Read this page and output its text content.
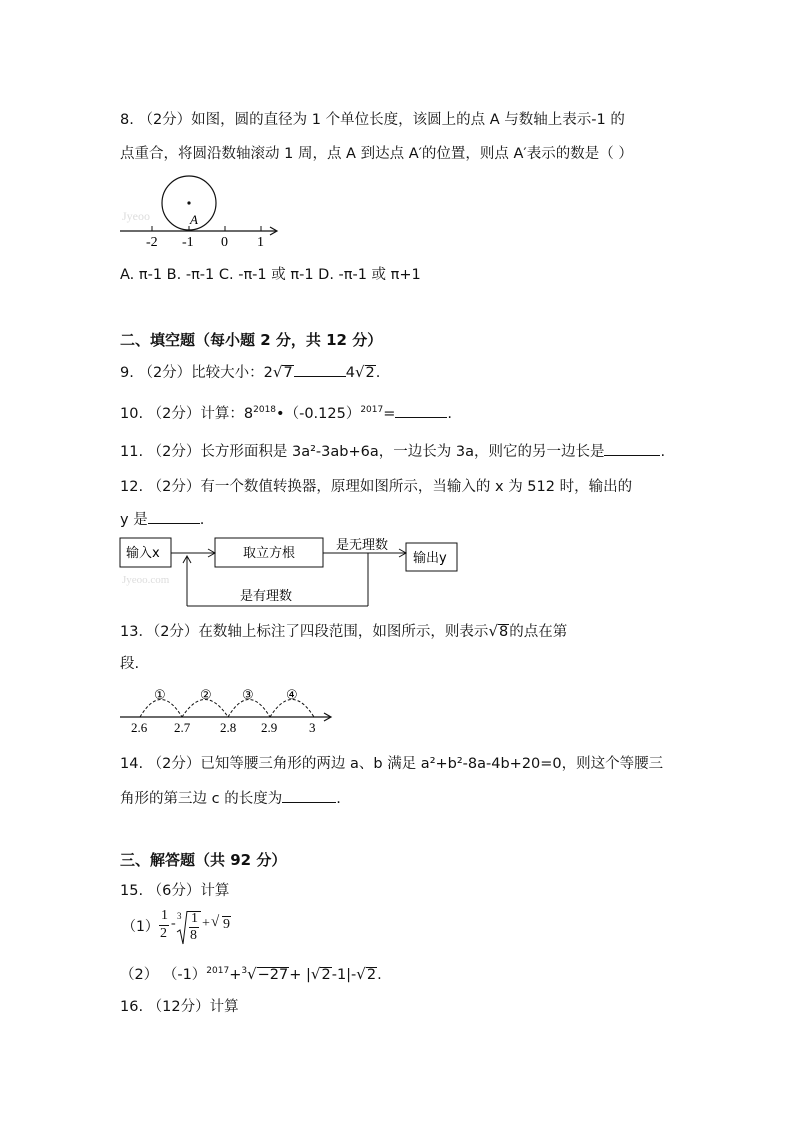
8. （2分）如图，圆的直径为 1 个单位长度，该圆上的点 A 与数轴上表示-1 的
点重合，将圆沿数轴滚动 1 周，点 A 到达点 A′的位置，则点 A′表示的数是（ ）
Jyeoo	A
-2 -1 0 1
A. π-1 B. -π-1 C. -π-1 或 π-1 D. -π-1 或 π+1
二、填空题（每小题 2 分，共 12 分）
9. （2分）比较大小：2√7	4√2.
10. （2分）计算：$8^{2018}•(-0.125)^{2017}=$	.
11. （2分）长方形面积是 3a²-3ab+6a，一边长为 3a，则它的另一边长是	.
12. （2分）有一个数值转换器，原理如图所示，当输入的 x 为 512 时，输出的
y 是	.
Jyeoo.com
输入x	取立方根
是无理数
输出y
是有理数
13．（2分）在数轴上标注了四段范围，如图所示，则表示√8的点在第
段.
①	② ③ ④
2.6 2.7 2.8 2.9 3
14. （2分）已知等腰三角形的两边 a、b 满足 a²+b²-8a-4b+20=0，则这个等腰三
角形的第三边 c 的长度为	.
三、解答题（共 92 分）
15. （6分）计算
（1）
1
2
- 3 1
8
+ √ 9
（2） $(-1)^{2017}+^3√-27+ |√2-1|-√2$.
16. （12分）计算
